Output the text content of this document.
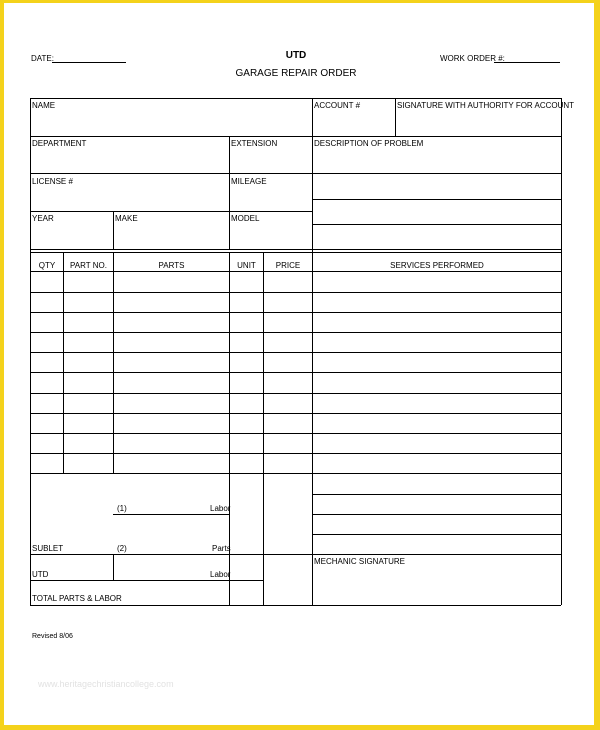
DATE:	UTD
GARAGE REPAIR ORDER
WORK ORDER #:
NAME	ACCOUNT #	SIGNATURE WITH AUTHORITY FOR ACCOUNT
DEPARTMENT	EXTENSION	DESCRIPTION OF PROBLEM
LICENSE #	MILEAGE
YEAR	MAKE	MODEL
QTY	PART NO.	PARTS	UNIT	PRICE	SERVICES PERFORMED
(1)	Labor
SUBLET	(2)	Parts
UTD	Labor
TOTAL PARTS & LABOR
MECHANIC SIGNATURE
Revised 8/06
www.heritagechristiancollege.com
